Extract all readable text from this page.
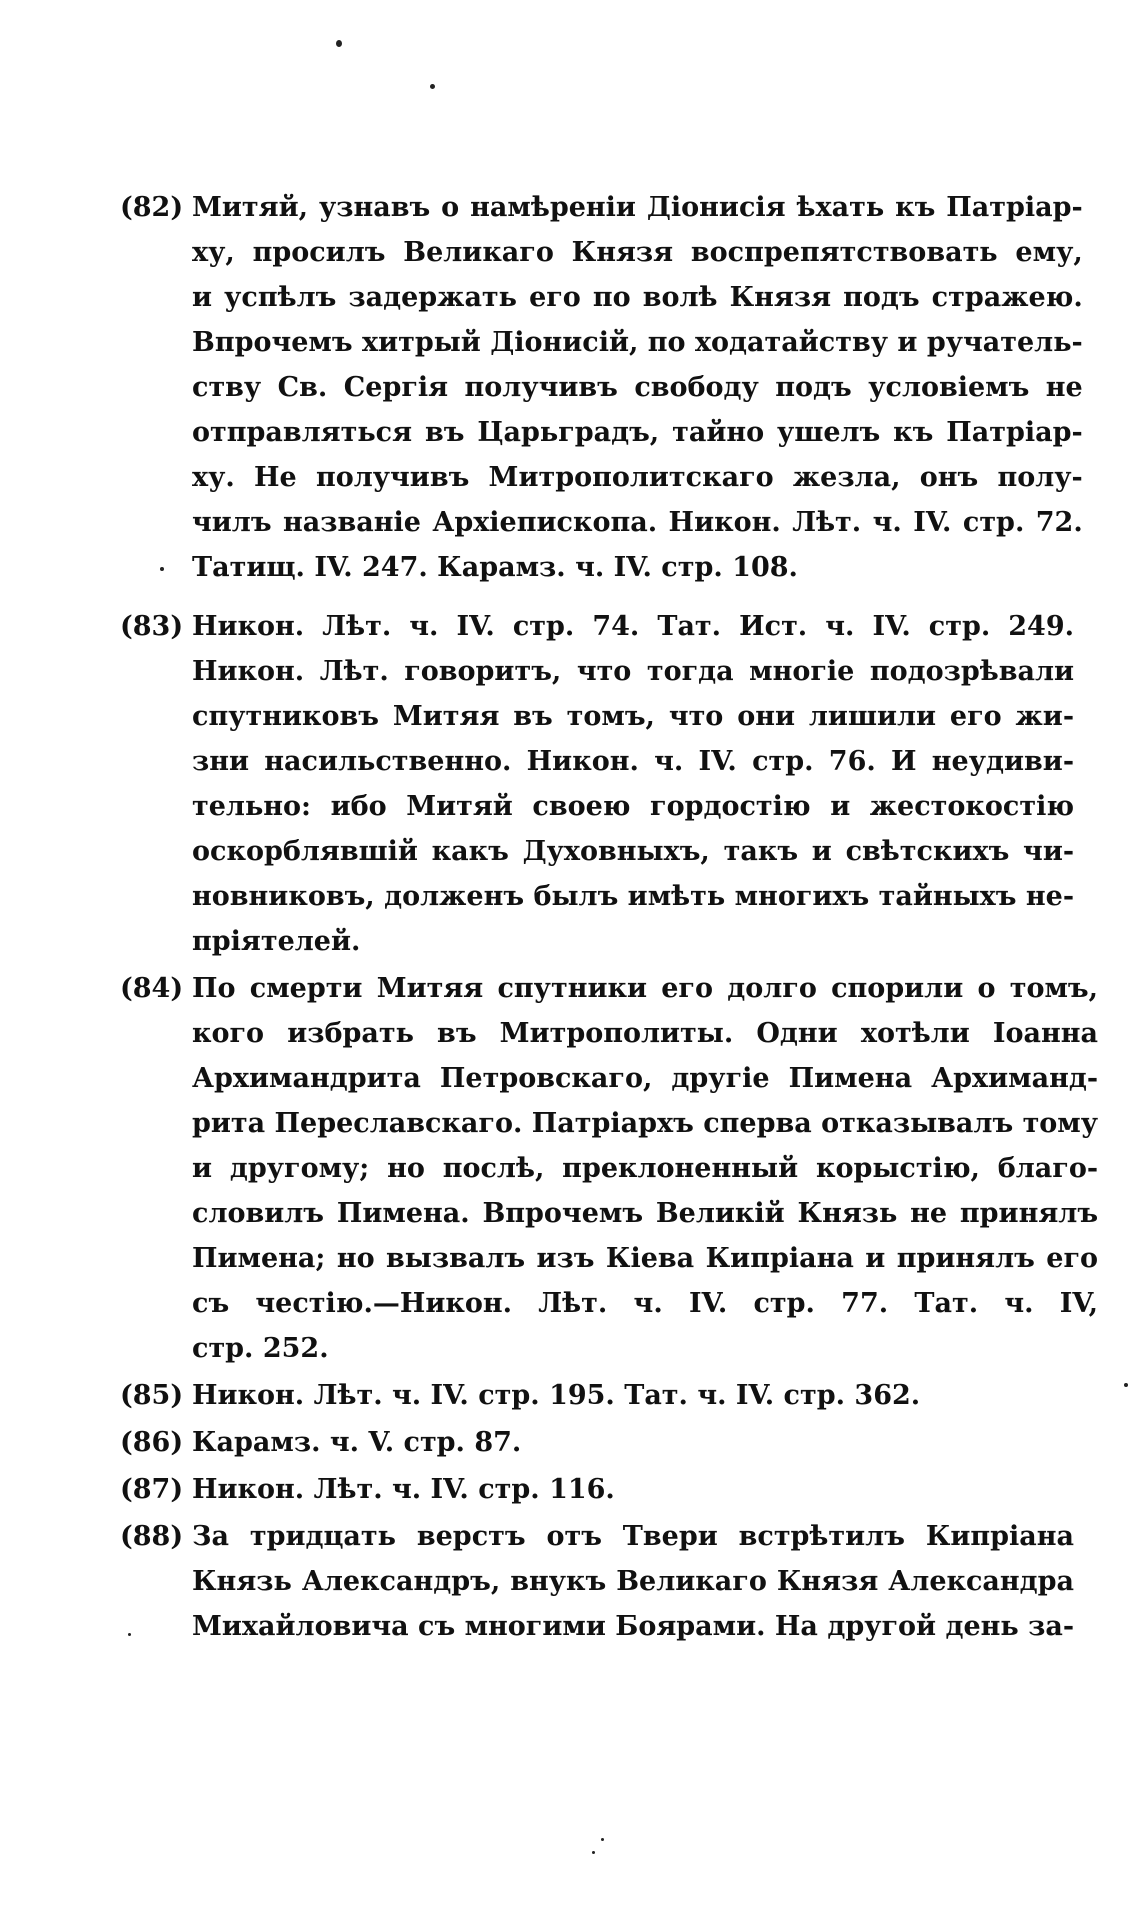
(82) Митяй, узнавъ о намѣреніи Діонисія ѣхать къ Патріар-
ху, просилъ Великаго Князя воспрепятствовать ему,
и успѣлъ задержать его по волѣ Князя подъ стражею.
Впрочемъ хитрый Діонисій, по ходатайству и ручатель-
ству Св. Сергія получивъ свободу подъ условіемъ не
отправляться въ Царьградъ, тайно ушелъ къ Патріар-
ху. Не получивъ Митрополитскаго жезла, онъ полу-
чилъ названіе Архіепископа. Никон. Лѣт. ч. IV. стр. 72.
Татищ. IV. 247. Карамз. ч. IV. стр. 108.
(83) Никон. Лѣт. ч. IV. стр. 74. Тат. Ист. ч. IV. стр. 249.
Никон. Лѣт. говоритъ, что тогда многіе подозрѣвали
спутниковъ Митяя въ томъ, что они лишили его жи-
зни насильственно. Никон. ч. IV. стр. 76. И неудиви-
тельно: ибо Митяй своею гордостію и жестокостію
оскорблявшій какъ Духовныхъ, такъ и свѣтскихъ чи-
новниковъ, долженъ былъ имѣть многихъ тайныхъ не-
пріятелей.
(84) По смерти Митяя спутники его долго спорили о томъ,
кого избрать въ Митрополиты. Одни хотѣли Іоанна
Архимандрита Петровскаго, другіе Пимена Архиманд-
рита Переславскаго. Патріархъ сперва отказывалъ тому
и другому; но послѣ, преклоненный корыстію, благо-
словилъ Пимена. Впрочемъ Великій Князь не принялъ
Пимена; но вызвалъ изъ Кіева Кипріана и принялъ его
съ честію.—Никон. Лѣт. ч. IV. стр. 77. Тат. ч. IV,
стр. 252.
(85) Никон. Лѣт. ч. IV. стр. 195. Тат. ч. IV. стр. 362.
(86) Карамз. ч. V. стр. 87.
(87) Никон. Лѣт. ч. IV. стр. 116.
(88) За тридцать верстъ отъ Твери встрѣтилъ Кипріана
Князь Александръ, внукъ Великаго Князя Александра
Михайловича съ многими Боярами. На другой день за-
